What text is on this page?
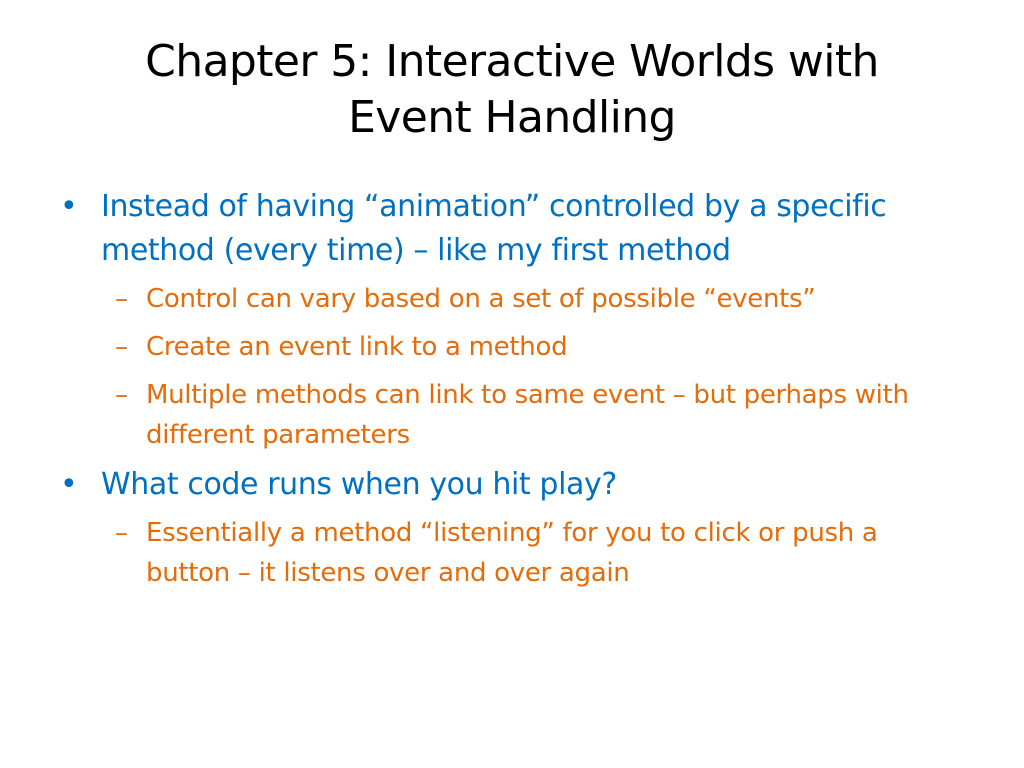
Chapter 5: Interactive Worlds with
Event Handling
• Instead of having “animation” controlled by a specific method (every time) – like my first method
– Control can vary based on a set of possible “events”
– Create an event link to a method
– Multiple methods can link to same event – but perhaps with different parameters
• What code runs when you hit play?
– Essentially a method “listening” for you to click or push a button – it listens over and over again
